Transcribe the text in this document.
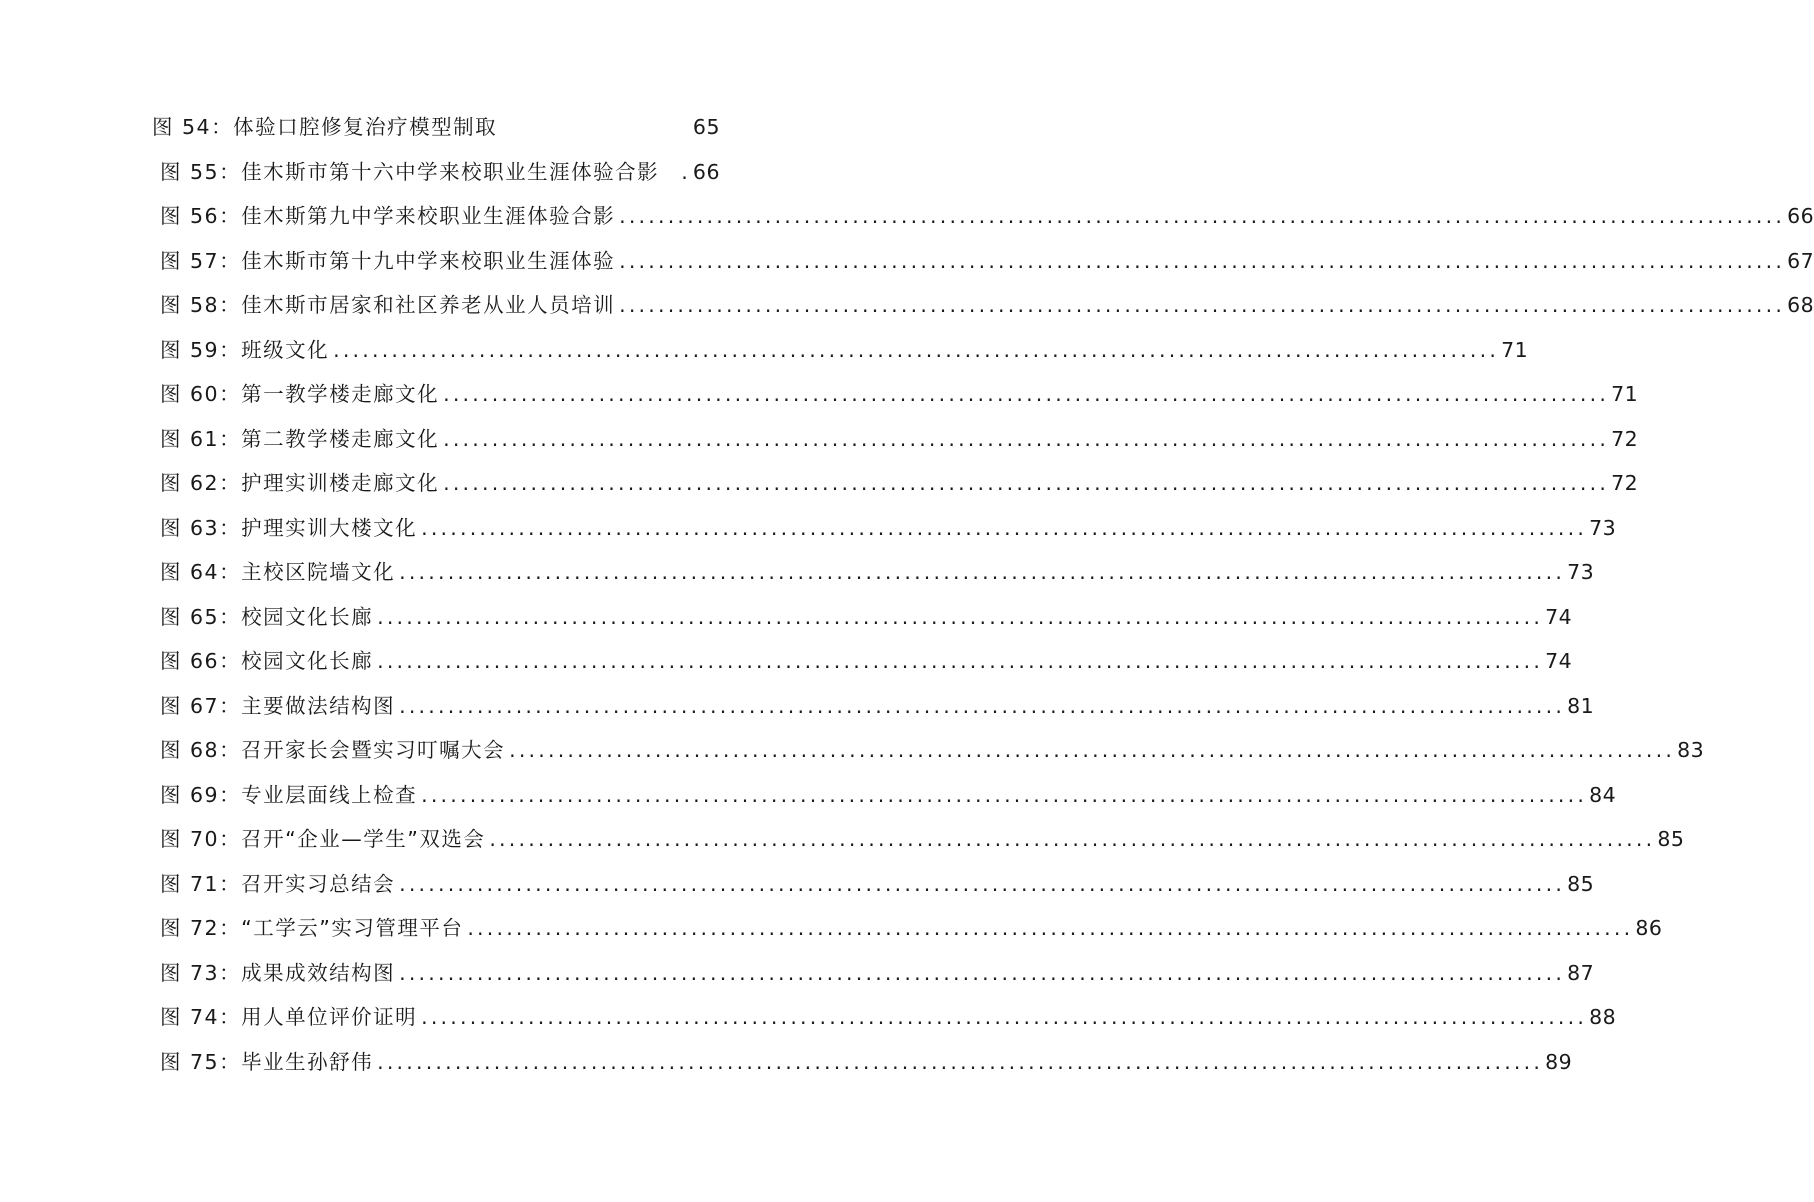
图 54：体验口腔修复治疗模型制取	65
图 55：佳木斯市第十六中学来校职业生涯体验合影	. 66
图 56：佳木斯第九中学来校职业生涯体验合影 ........................................................................................................................ 66
图 57：佳木斯市第十九中学来校职业生涯体验 ........................................................................................................................ 67
图 58：佳木斯市居家和社区养老从业人员培训 ........................................................................................................................ 68
图 59：班级文化 ........................................................................................................................ 71
图 60：第一教学楼走廊文化 ........................................................................................................................ 71
图 61：第二教学楼走廊文化 ........................................................................................................................ 72
图 62：护理实训楼走廊文化 ........................................................................................................................ 72
图 63：护理实训大楼文化 ........................................................................................................................ 73
图 64：主校区院墙文化 ........................................................................................................................ 73
图 65：校园文化长廊 ........................................................................................................................ 74
图 66：校园文化长廊 ........................................................................................................................ 74
图 67：主要做法结构图 ........................................................................................................................ 81
图 68：召开家长会暨实习叮嘱大会 ........................................................................................................................ 83
图 69：专业层面线上检查 ........................................................................................................................ 84
图 70：召开“企业—学生”双选会 ........................................................................................................................ 85
图 71：召开实习总结会 ........................................................................................................................ 85
图 72：“工学云”实习管理平台 ........................................................................................................................ 86
图 73：成果成效结构图 ........................................................................................................................ 87
图 74：用人单位评价证明 ........................................................................................................................ 88
图 75：毕业生孙舒伟 ........................................................................................................................ 89
